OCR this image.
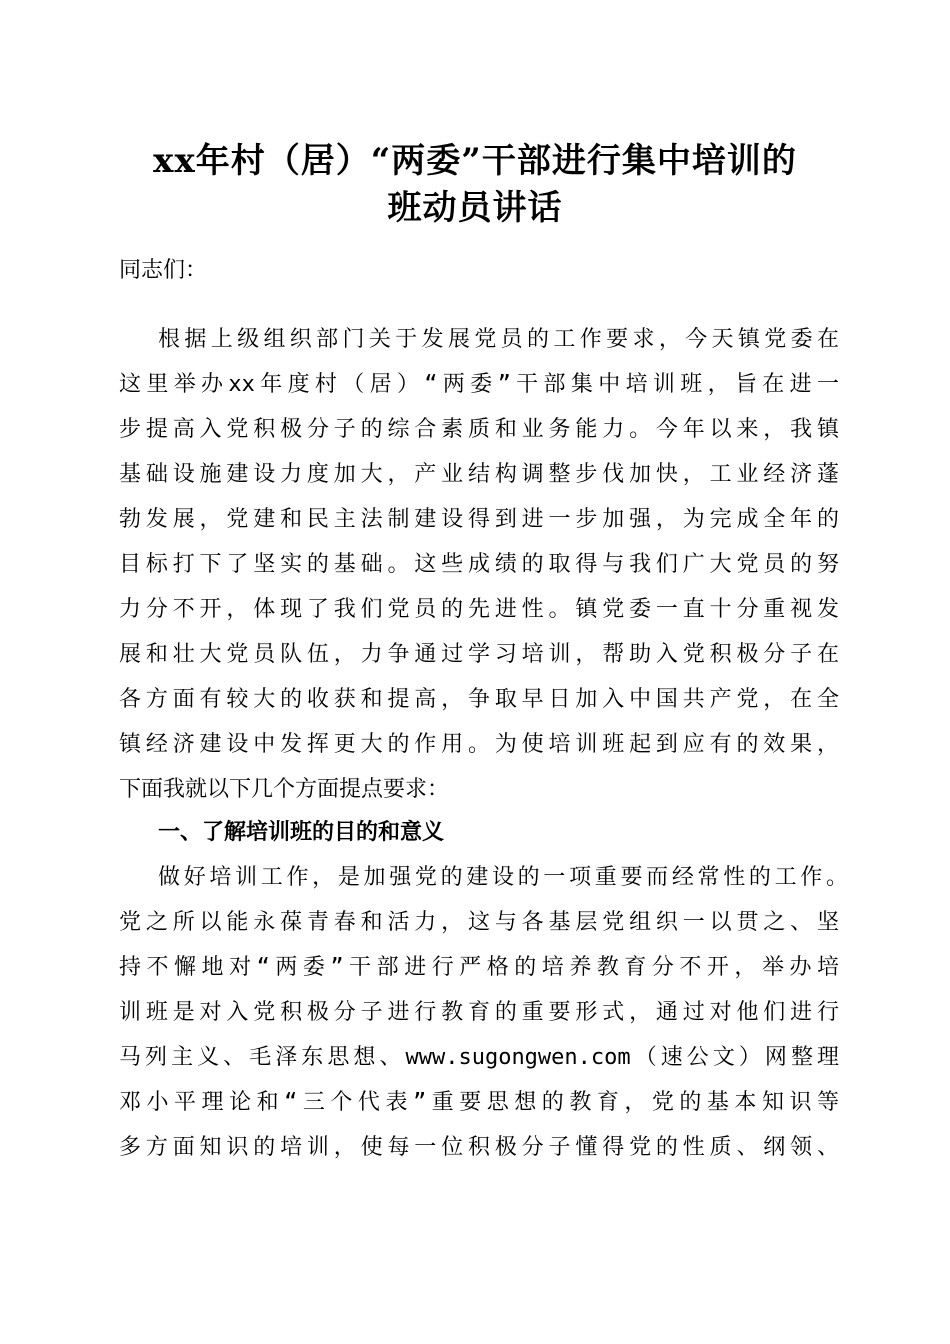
xx年村（居）“两委”干部进行集中培训的
班动员讲话

同志们：

根据上级组织部门关于发展党员的工作要求，今天镇党委在

这里举办xx年度村（居）“两委”干部集中培训班，旨在进一

步提高入党积极分子的综合素质和业务能力。今年以来，我镇

基础设施建设力度加大，产业结构调整步伐加快，工业经济蓬

勃发展，党建和民主法制建设得到进一步加强，为完成全年的

目标打下了坚实的基础。这些成绩的取得与我们广大党员的努

力分不开，体现了我们党员的先进性。镇党委一直十分重视发

展和壮大党员队伍，力争通过学习培训，帮助入党积极分子在

各方面有较大的收获和提高，争取早日加入中国共产党，在全

镇经济建设中发挥更大的作用。为使培训班起到应有的效果，

下面我就以下几个方面提点要求：

一、了解培训班的目的和意义

做好培训工作，是加强党的建设的一项重要而经常性的工作。

党之所以能永葆青春和活力，这与各基层党组织一以贯之、坚

持不懈地对“两委”干部进行严格的培养教育分不开，举办培

训班是对入党积极分子进行教育的重要形式，通过对他们进行

马列主义、毛泽东思想、www.sugongwen.com（速公文）网整理

邓小平理论和“三个代表”重要思想的教育，党的基本知识等

多方面知识的培训，使每一位积极分子懂得党的性质、纲领、
